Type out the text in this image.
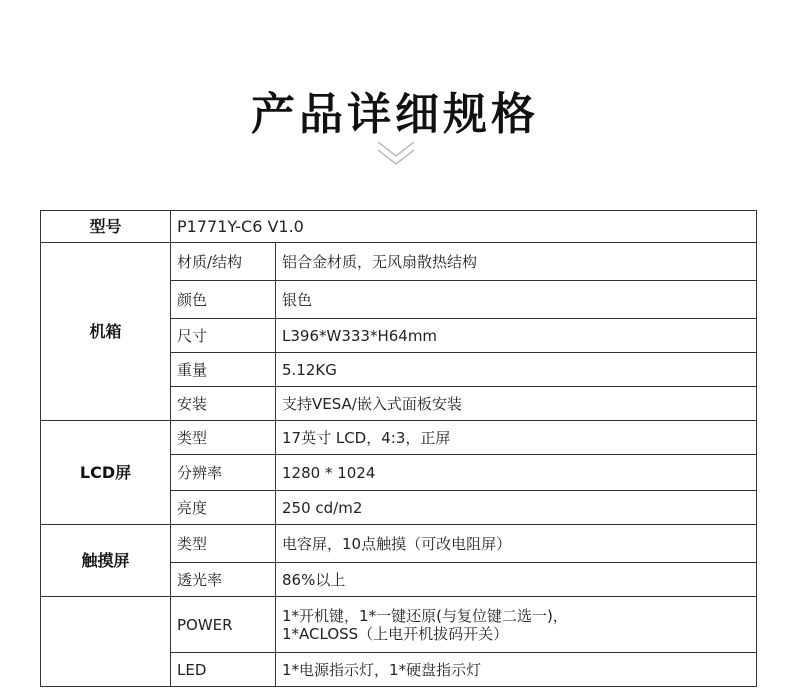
产品详细规格
型号	P1771Y-C6 V1.0	
机箱	材质/结构	铝合金材质，无风扇散热结构
	颜色	银色
	尺寸	L396*W333*H64mm
	重量	5.12KG
	安装	支持VESA/嵌入式面板安装
LCD屏	类型	17英寸 LCD，4:3，正屏
	分辨率	1280 * 1024
	亮度	250 cd/m2
触摸屏	类型	电容屏，10点触摸（可改电阻屏）
	透光率	86%以上
	POWER	1*开机键，1*一键还原(与复位键二选一)，
1*ACLOSS（上电开机拔码开关）

	LED	1*电源指示灯，1*硬盘指示灯
